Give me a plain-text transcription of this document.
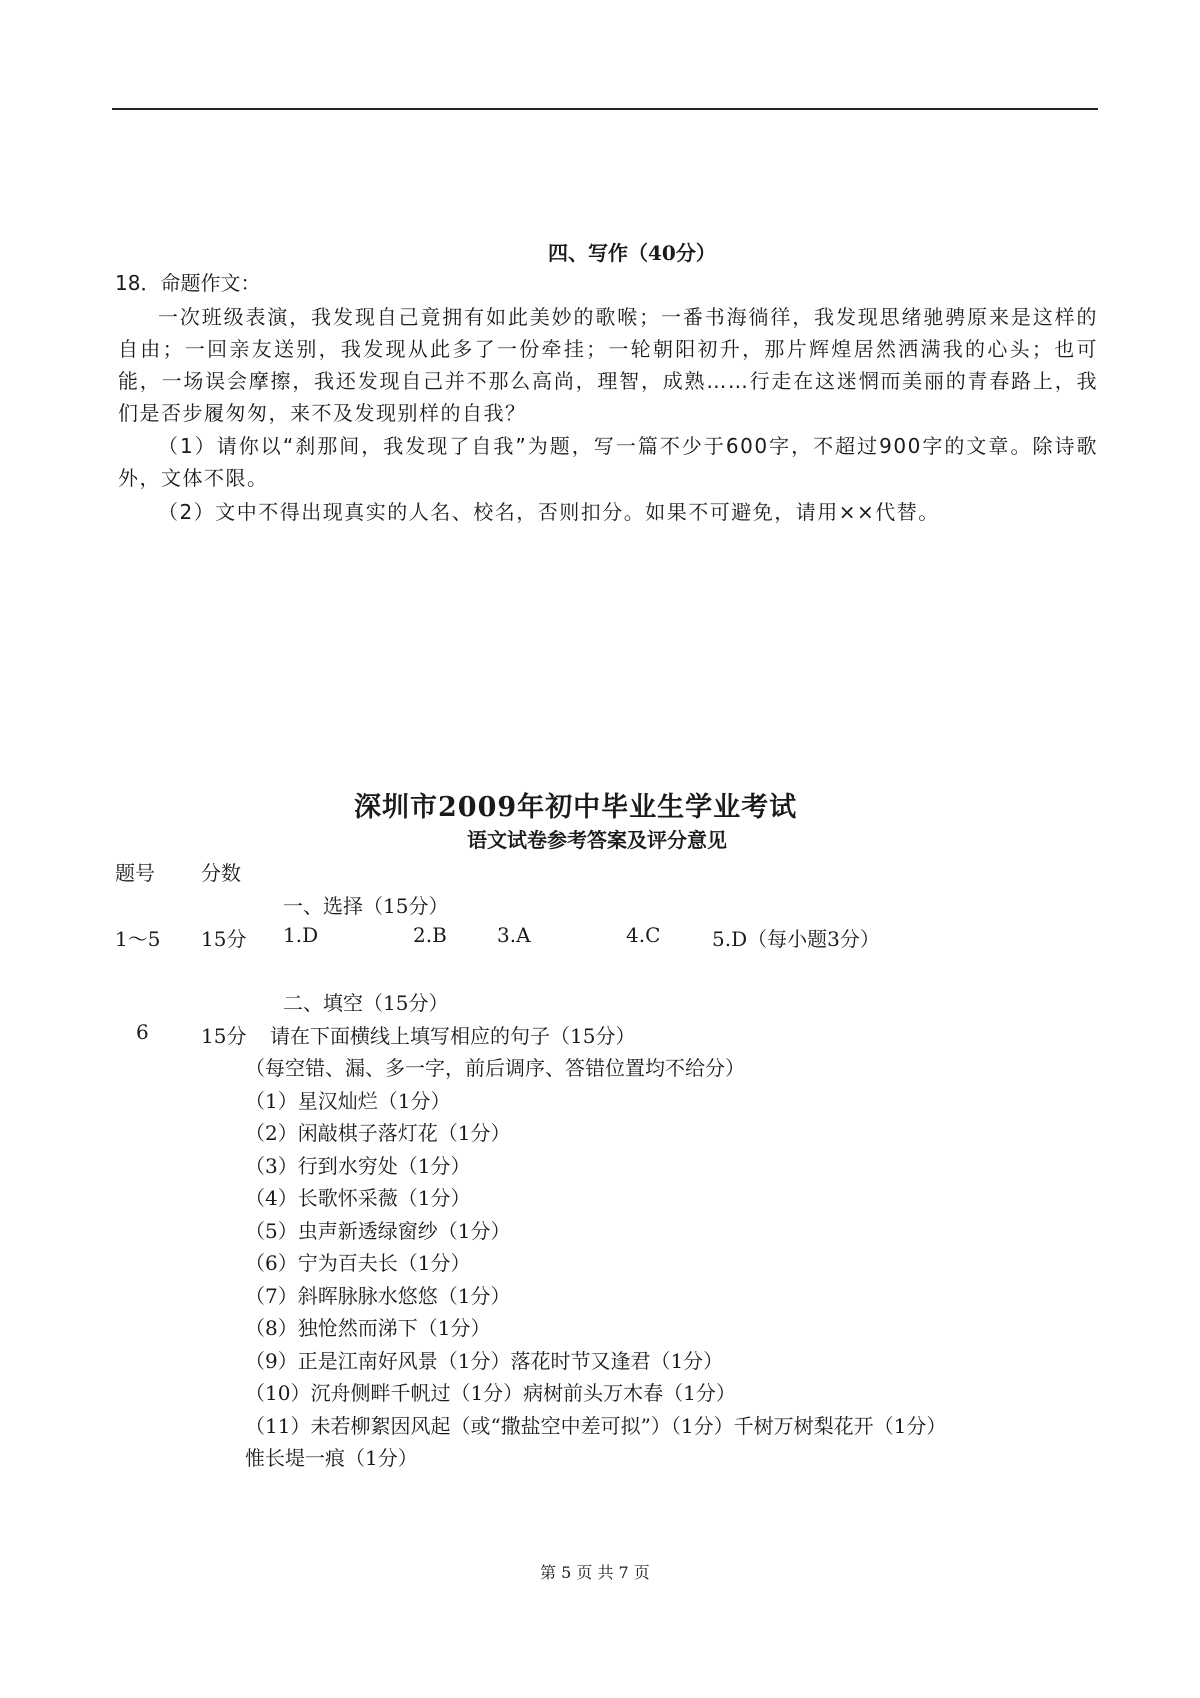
四、写作（40分）
18．命题作文：
一次班级表演，我发现自己竟拥有如此美妙的歌喉；一番书海徜徉，我发现思绪驰骋原来是这样的自由；一回亲友送别，我发现从此多了一份牵挂；一轮朝阳初升，那片辉煌居然洒满我的心头；也可能，一场误会摩擦，我还发现自己并不那么高尚，理智，成熟……行走在这迷惘而美丽的青春路上，我们是否步履匆匆，来不及发现别样的自我？
（1）请你以“刹那间，我发现了自我”为题，写一篇不少于600字，不超过900字的文章。除诗歌外，文体不限。
（2）文中不得出现真实的人名、校名，否则扣分。如果不可避免，请用××代替。
深圳市2009年初中毕业生学业考试
语文试卷参考答案及评分意见
题号 分数
一、选择（15分）
1～5 15分 1.D	2.B	3.A	4.C	5.D（每小题3分）
二、填空（15分）
6	15分 请在下面横线上填写相应的句子（15分）
（每空错、漏、多一字，前后调序、答错位置均不给分）
（1）星汉灿烂（1分）
（2）闲敲棋子落灯花（1分）
（3）行到水穷处（1分）
（4）长歌怀采薇（1分）
（5）虫声新透绿窗纱（1分）
（6）宁为百夫长（1分）
（7）斜晖脉脉水悠悠（1分）
（8）独怆然而涕下（1分）
（9）正是江南好风景（1分）落花时节又逢君（1分）
（10）沉舟侧畔千帆过（1分）病树前头万木春（1分）
（11）未若柳絮因风起（或“撒盐空中差可拟”）（1分）千树万树梨花开（1分）
惟长堤一痕（1分）
第 5 页 共 7 页
